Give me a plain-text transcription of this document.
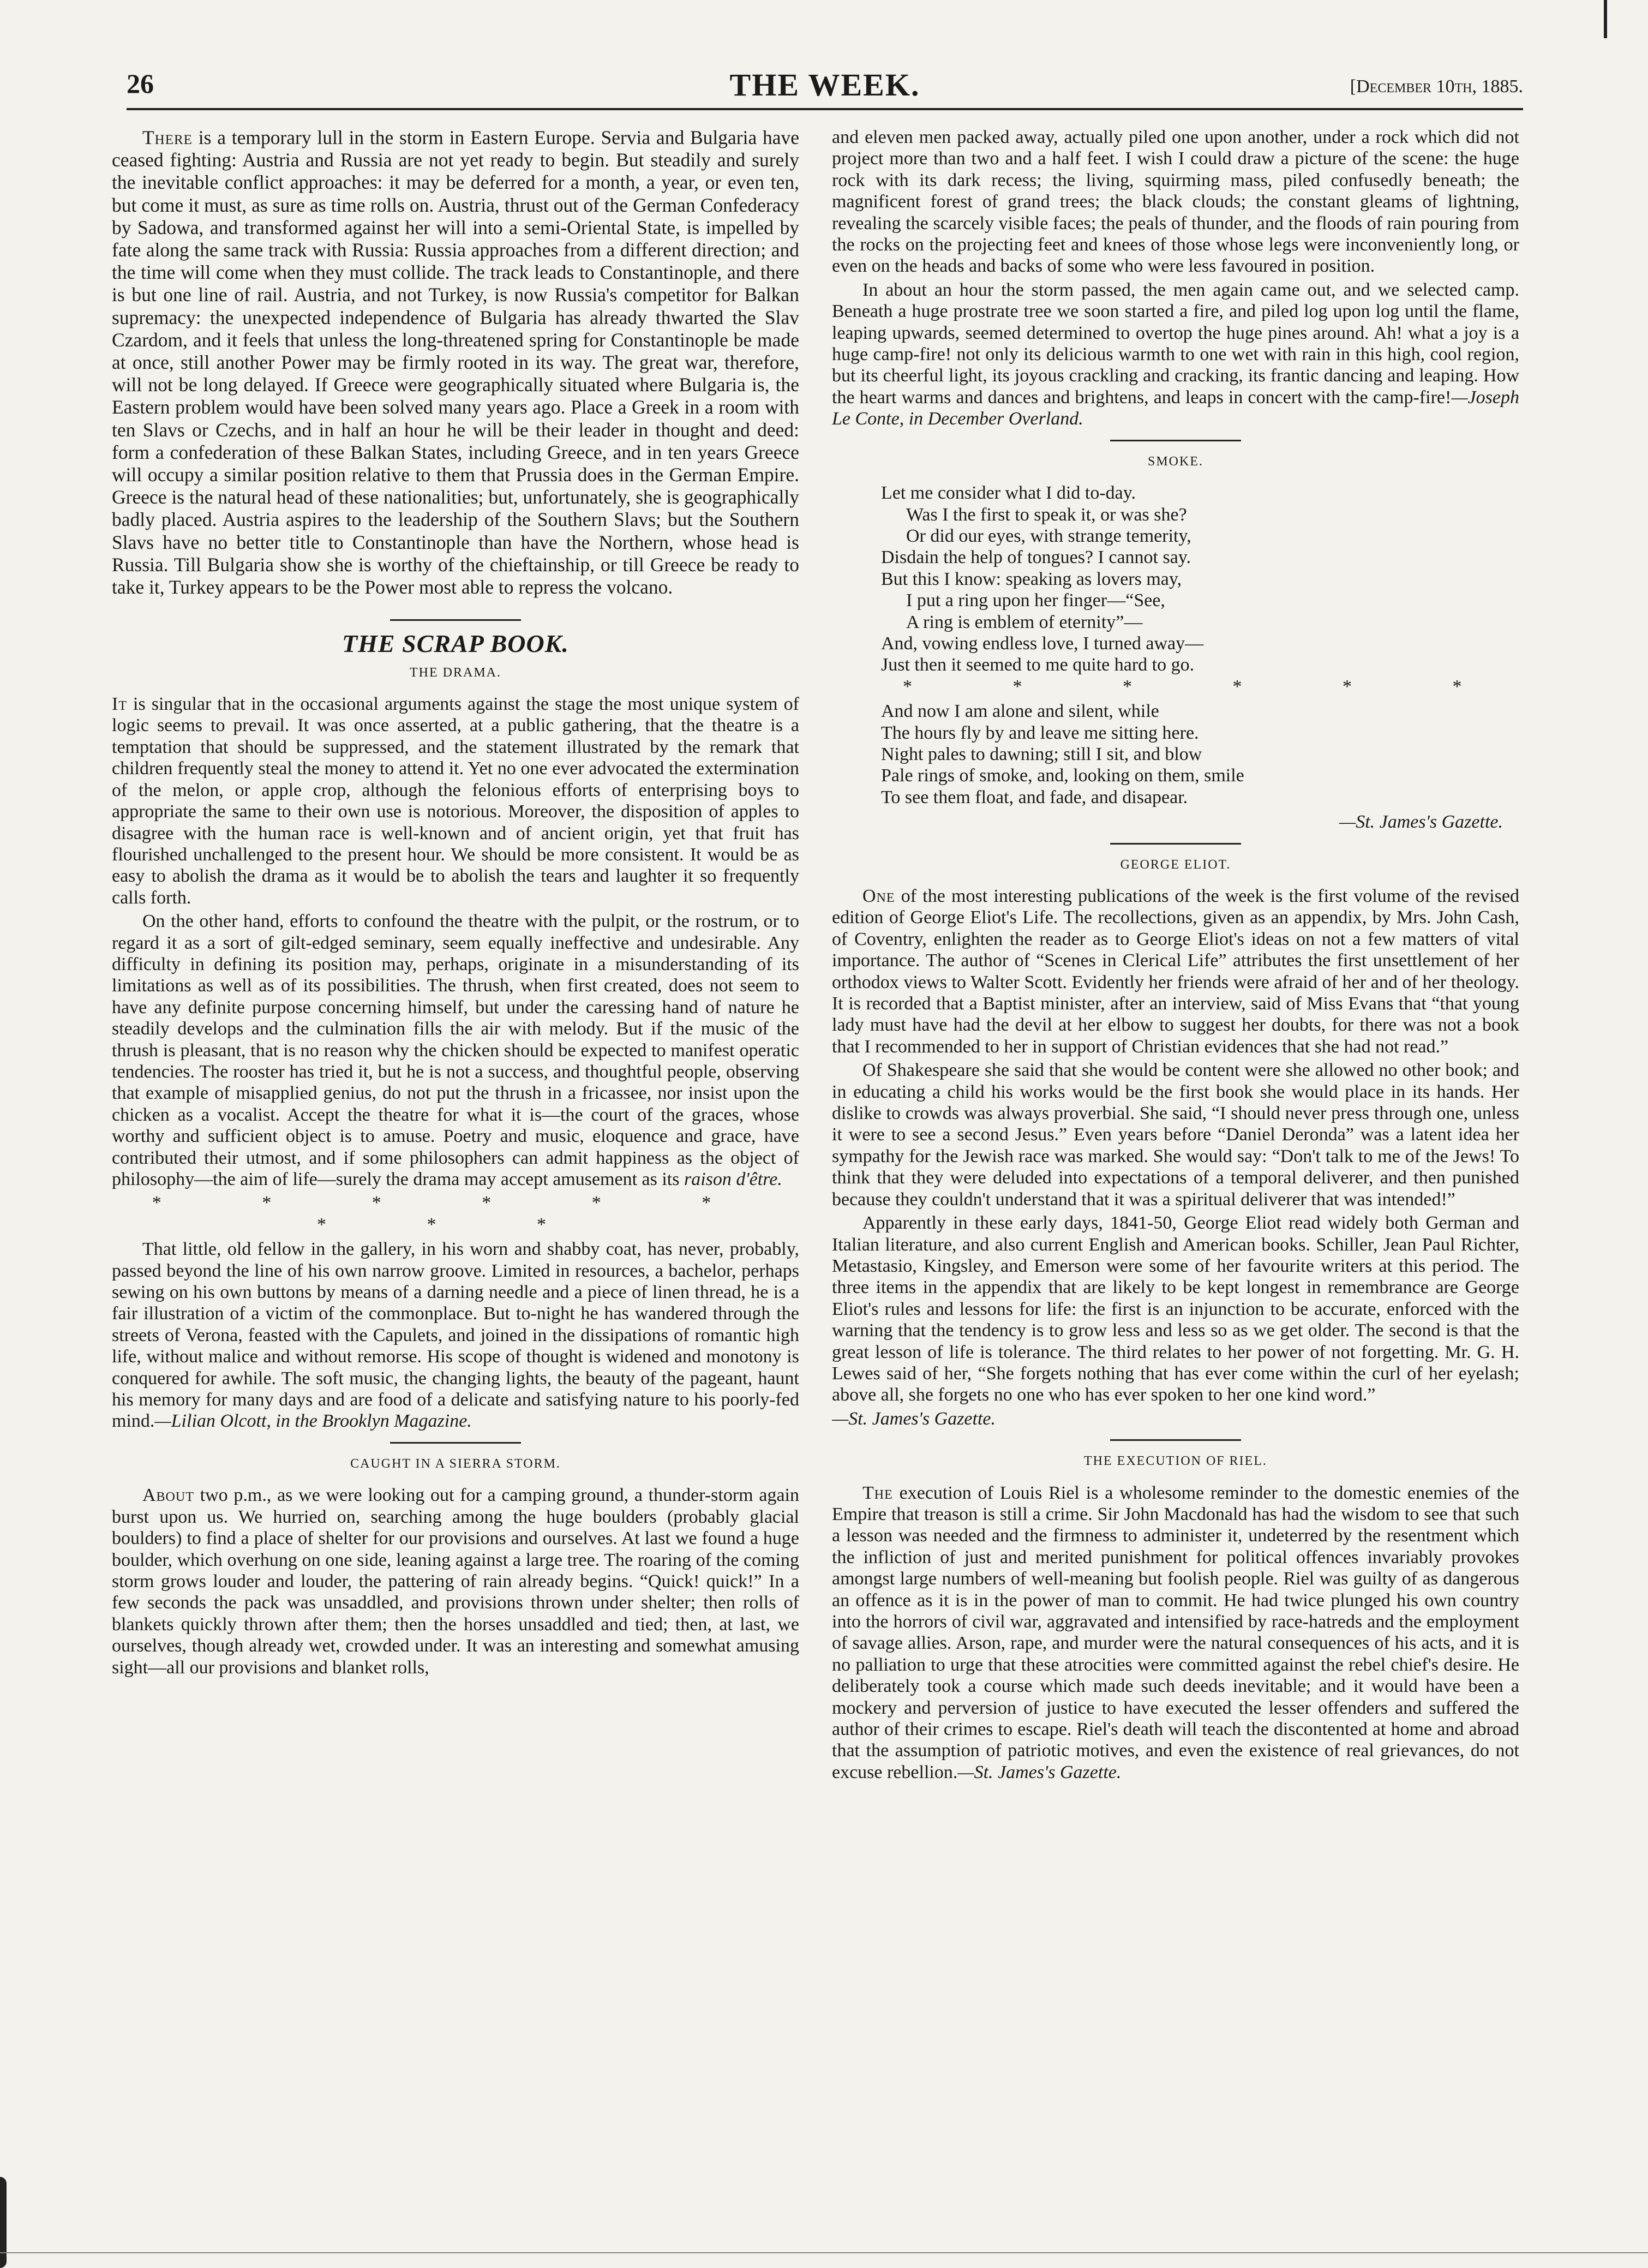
26	THE WEEK.	[December 10th, 1885.

There is a temporary lull in the storm in Eastern Europe. Servia and Bulgaria have ceased fighting: Austria and Russia are not yet ready to begin. But steadily and surely the inevitable conflict approaches: it may be deferred for a month, a year, or even ten, but come it must, as sure as time rolls on. Austria, thrust out of the German Confederacy by Sadowa, and transformed against her will into a semi-Oriental State, is impelled by fate along the same track with Russia: Russia approaches from a different direction; and the time will come when they must collide. The track leads to Constantinople, and there is but one line of rail. Austria, and not Turkey, is now Russia's competitor for Balkan supremacy: the unexpected independence of Bulgaria has already thwarted the Slav Czardom, and it feels that unless the long-threatened spring for Constantinople be made at once, still another Power may be firmly rooted in its way. The great war, therefore, will not be long delayed. If Greece were geographically situated where Bulgaria is, the Eastern problem would have been solved many years ago. Place a Greek in a room with ten Slavs or Czechs, and in half an hour he will be their leader in thought and deed: form a confederation of these Balkan States, including Greece, and in ten years Greece will occupy a similar position relative to them that Prussia does in the German Empire. Greece is the natural head of these nationalities; but, unfortunately, she is geographically badly placed. Austria aspires to the leadership of the Southern Slavs; but the Southern Slavs have no better title to Constantinople than have the Northern, whose head is Russia. Till Bulgaria show she is worthy of the chieftainship, or till Greece be ready to take it, Turkey appears to be the Power most able to repress the volcano.

THE SCRAP BOOK.
THE DRAMA.

It is singular that in the occasional arguments against the stage the most unique system of logic seems to prevail. It was once asserted, at a public gathering, that the theatre is a temptation that should be suppressed, and the statement illustrated by the remark that children frequently steal the money to attend it. Yet no one ever advocated the extermination of the melon, or apple crop, although the felonious efforts of enterprising boys to appropriate the same to their own use is notorious. Moreover, the disposition of apples to disagree with the human race is well-known and of ancient origin, yet that fruit has flourished unchallenged to the present hour. We should be more consistent. It would be as easy to abolish the drama as it would be to abolish the tears and laughter it so frequently calls forth.

On the other hand, efforts to confound the theatre with the pulpit, or the rostrum, or to regard it as a sort of gilt-edged seminary, seem equally ineffective and undesirable. Any difficulty in defining its position may, perhaps, originate in a misunderstanding of its limitations as well as of its possibilities. The thrush, when first created, does not seem to have any definite purpose concerning himself, but under the caressing hand of nature he steadily develops and the culmination fills the air with melody. But if the music of the thrush is pleasant, that is no reason why the chicken should be expected to manifest operatic tendencies. The rooster has tried it, but he is not a success, and thoughtful people, observing that example of misapplied genius, do not put the thrush in a fricassee, nor insist upon the chicken as a vocalist. Accept the theatre for what it is—the court of the graces, whose worthy and sufficient object is to amuse. Poetry and music, eloquence and grace, have contributed their utmost, and if some philosophers can admit happiness as the object of philosophy—the aim of life—surely the drama may accept amusement as its raison d'être.

* * * * * * * * *

That little, old fellow in the gallery, in his worn and shabby coat, has never, probably, passed beyond the line of his own narrow groove. Limited in resources, a bachelor, perhaps sewing on his own buttons by means of a darning needle and a piece of linen thread, he is a fair illustration of a victim of the commonplace. But to-night he has wandered through the streets of Verona, feasted with the Capulets, and joined in the dissipations of romantic high life, without malice and without remorse. His scope of thought is widened and monotony is conquered for awhile. The soft music, the changing lights, the beauty of the pageant, haunt his memory for many days and are food of a delicate and satisfying nature to his poorly-fed mind.—Lilian Olcott, in the Brooklyn Magazine.

CAUGHT IN A SIERRA STORM.

About two p.m., as we were looking out for a camping ground, a thunder-storm again burst upon us. We hurried on, searching among the huge boulders (probably glacial boulders) to find a place of shelter for our provisions and ourselves. At last we found a huge boulder, which overhung on one side, leaning against a large tree. The roaring of the coming storm grows louder and louder, the pattering of rain already begins. “Quick! quick!” In a few seconds the pack was unsaddled, and provisions thrown under shelter; then rolls of blankets quickly thrown after them; then the horses unsaddled and tied; then, at last, we ourselves, though already wet, crowded under. It was an interesting and somewhat amusing sight—all our provisions and blanket rolls,

and eleven men packed away, actually piled one upon another, under a rock which did not project more than two and a half feet. I wish I could draw a picture of the scene: the huge rock with its dark recess; the living, squirming mass, piled confusedly beneath; the magnificent forest of grand trees; the black clouds; the constant gleams of lightning, revealing the scarcely visible faces; the peals of thunder, and the floods of rain pouring from the rocks on the projecting feet and knees of those whose legs were inconveniently long, or even on the heads and backs of some who were less favoured in position.

In about an hour the storm passed, the men again came out, and we selected camp. Beneath a huge prostrate tree we soon started a fire, and piled log upon log until the flame, leaping upwards, seemed determined to overtop the huge pines around. Ah! what a joy is a huge camp-fire! not only its delicious warmth to one wet with rain in this high, cool region, but its cheerful light, its joyous crackling and cracking, its frantic dancing and leaping. How the heart warms and dances and brightens, and leaps in concert with the camp-fire!—Joseph Le Conte, in December Overland.

SMOKE.
Let me consider what I did to-day.
Was I the first to speak it, or was she?
Or did our eyes, with strange temerity,
Disdain the help of tongues? I cannot say.
But this I know: speaking as lovers may,
I put a ring upon her finger—“See,
A ring is emblem of eternity”—
And, vowing endless love, I turned away—
Just then it seemed to me quite hard to go.
* * * * * *
And now I am alone and silent, while
The hours fly by and leave me sitting here.
Night pales to dawning; still I sit, and blow
Pale rings of smoke, and, looking on them, smile
To see them float, and fade, and disapear.
—St. James's Gazette.
GEORGE ELIOT.

One of the most interesting publications of the week is the first volume of the revised edition of George Eliot's Life. The recollections, given as an appendix, by Mrs. John Cash, of Coventry, enlighten the reader as to George Eliot's ideas on not a few matters of vital importance. The author of “Scenes in Clerical Life” attributes the first unsettlement of her orthodox views to Walter Scott. Evidently her friends were afraid of her and of her theology. It is recorded that a Baptist minister, after an interview, said of Miss Evans that “that young lady must have had the devil at her elbow to suggest her doubts, for there was not a book that I recommended to her in support of Christian evidences that she had not read.”

Of Shakespeare she said that she would be content were she allowed no other book; and in educating a child his works would be the first book she would place in its hands. Her dislike to crowds was always proverbial. She said, “I should never press through one, unless it were to see a second Jesus.” Even years before “Daniel Deronda” was a latent idea her sympathy for the Jewish race was marked. She would say: “Don't talk to me of the Jews! To think that they were deluded into expectations of a temporal deliverer, and then punished because they couldn't understand that it was a spiritual deliverer that was intended!”

Apparently in these early days, 1841-50, George Eliot read widely both German and Italian literature, and also current English and American books. Schiller, Jean Paul Richter, Metastasio, Kingsley, and Emerson were some of her favourite writers at this period. The three items in the appendix that are likely to be kept longest in remembrance are George Eliot's rules and lessons for life: the first is an injunction to be accurate, enforced with the warning that the tendency is to grow less and less so as we get older. The second is that the great lesson of life is tolerance. The third relates to her power of not forgetting. Mr. G. H. Lewes said of her, “She forgets nothing that has ever come within the curl of her eyelash; above all, she forgets no one who has ever spoken to her one kind word.”

—St. James's Gazette.

THE EXECUTION OF RIEL.

The execution of Louis Riel is a wholesome reminder to the domestic enemies of the Empire that treason is still a crime. Sir John Macdonald has had the wisdom to see that such a lesson was needed and the firmness to administer it, undeterred by the resentment which the infliction of just and merited punishment for political offences invariably provokes amongst large numbers of well-meaning but foolish people. Riel was guilty of as dangerous an offence as it is in the power of man to commit. He had twice plunged his own country into the horrors of civil war, aggravated and intensified by race-hatreds and the employment of savage allies. Arson, rape, and murder were the natural consequences of his acts, and it is no palliation to urge that these atrocities were committed against the rebel chief's desire. He deliberately took a course which made such deeds inevitable; and it would have been a mockery and perversion of justice to have executed the lesser offenders and suffered the author of their crimes to escape. Riel's death will teach the discontented at home and abroad that the assumption of patriotic motives, and even the existence of real grievances, do not excuse rebellion.—St. James's Gazette.
